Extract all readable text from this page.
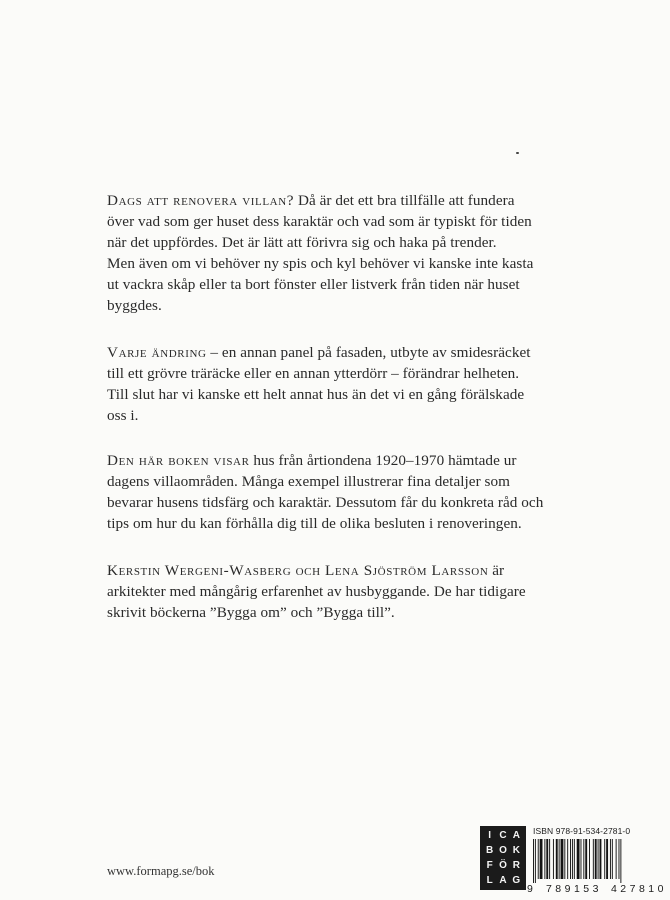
Dags att renovera villan? Då är det ett bra tillfälle att fundera
över vad som ger huset dess karaktär och vad som är typiskt för tiden
när det uppfördes. Det är lätt att förivra sig och haka på trender.
Men även om vi behöver ny spis och kyl behöver vi kanske inte kasta
ut vackra skåp eller ta bort fönster eller listverk från tiden när huset
byggdes.

Varje ändring – en annan panel på fasaden, utbyte av smidesräcket
till ett grövre träräcke eller en annan ytterdörr – förändrar helheten.
Till slut har vi kanske ett helt annat hus än det vi en gång förälskade
oss i.

Den här boken visar hus från årtiondena 1920–1970 hämtade ur
dagens villaområden. Många exempel illustrerar fina detaljer som
bevarar husens tidsfärg och karaktär. Dessutom får du konkreta råd och
tips om hur du kan förhålla dig till de olika besluten i renoveringen.

Kerstin Wergeni-Wasberg och Lena Sjöström Larsson är
arkitekter med mångårig erfarenhet av husbyggande. De har tidigare
skrivit böckerna ”Bygga om” och ”Bygga till”.

www.formapg.se/bok
I C A
B O K
F Ö R
L A G
ISBN 978-91-534-2781-0
9	789153 427810
